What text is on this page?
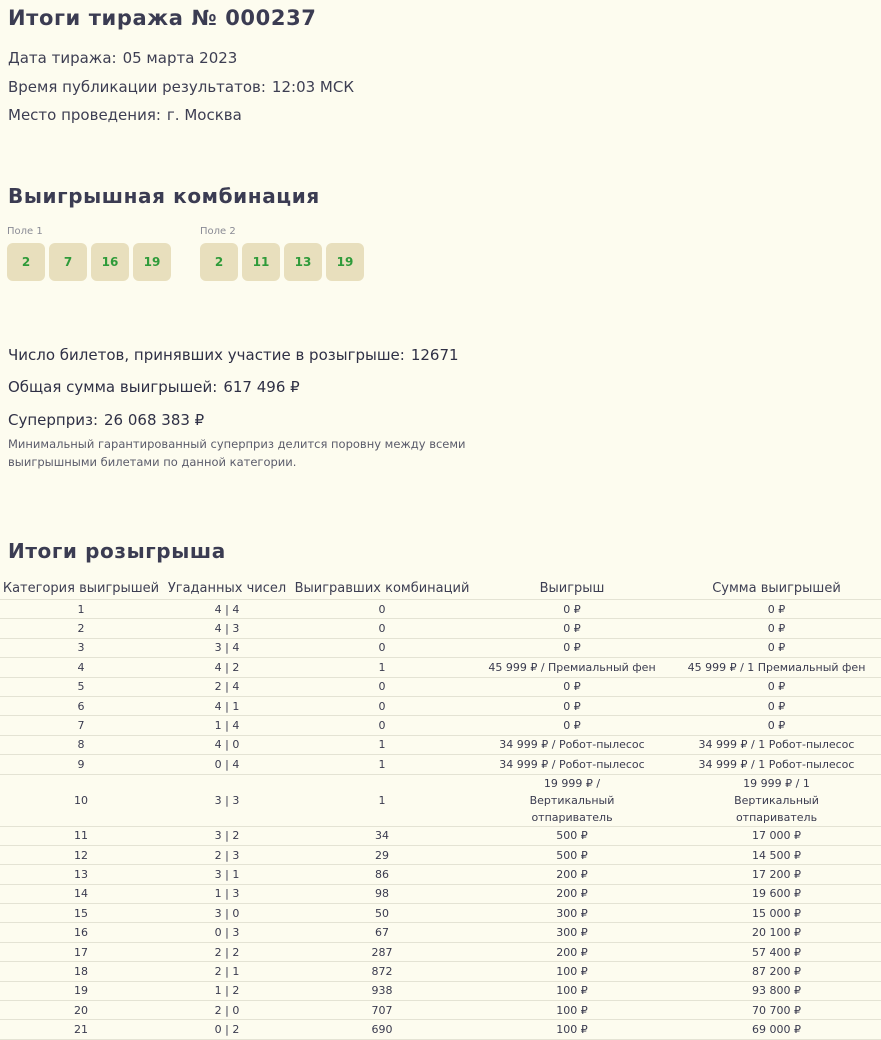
Итоги тиража № 000237
Дата тиража: 05 марта 2023
Время публикации результатов: 12:03 МСК
Место проведения: г. Москва
Выигрышная комбинация
Поле 1
2	7	16	19
Поле 2
2	11	13	19
Число билетов, принявших участие в розыгрыше: 12671
Общая сумма выигрышей: 617 496 ₽
Суперприз: 26 068 383 ₽
Минимальный гарантированный суперприз делится поровну между всеми выигрышными билетами по данной категории.
Итоги розыгрыша
Категория выигрышей	Угаданных чисел	Выигравших комбинаций	Выигрыш	Сумма выигрышей
1	4 | 4	0	0 ₽	0 ₽
2	4 | 3	0	0 ₽	0 ₽
3	3 | 4	0	0 ₽	0 ₽
4	4 | 2	1	45 999 ₽ / Премиальный фен	45 999 ₽ / 1 Премиальный фен
5	2 | 4	0	0 ₽	0 ₽
6	4 | 1	0	0 ₽	0 ₽
7	1 | 4	0	0 ₽	0 ₽
8	4 | 0	1	34 999 ₽ / Робот-пылесос	34 999 ₽ / 1 Робот-пылесос
9	0 | 4	1	34 999 ₽ / Робот-пылесос	34 999 ₽ / 1 Робот-пылесос
10	3 | 3	1	19 999 ₽ / Вертикальный отпариватель	19 999 ₽ / 1 Вертикальный отпариватель
11	3 | 2	34	500 ₽	17 000 ₽
12	2 | 3	29	500 ₽	14 500 ₽
13	3 | 1	86	200 ₽	17 200 ₽
14	1 | 3	98	200 ₽	19 600 ₽
15	3 | 0	50	300 ₽	15 000 ₽
16	0 | 3	67	300 ₽	20 100 ₽
17	2 | 2	287	200 ₽	57 400 ₽
18	2 | 1	872	100 ₽	87 200 ₽
19	1 | 2	938	100 ₽	93 800 ₽
20	2 | 0	707	100 ₽	70 700 ₽
21	0 | 2	690	100 ₽	69 000 ₽
